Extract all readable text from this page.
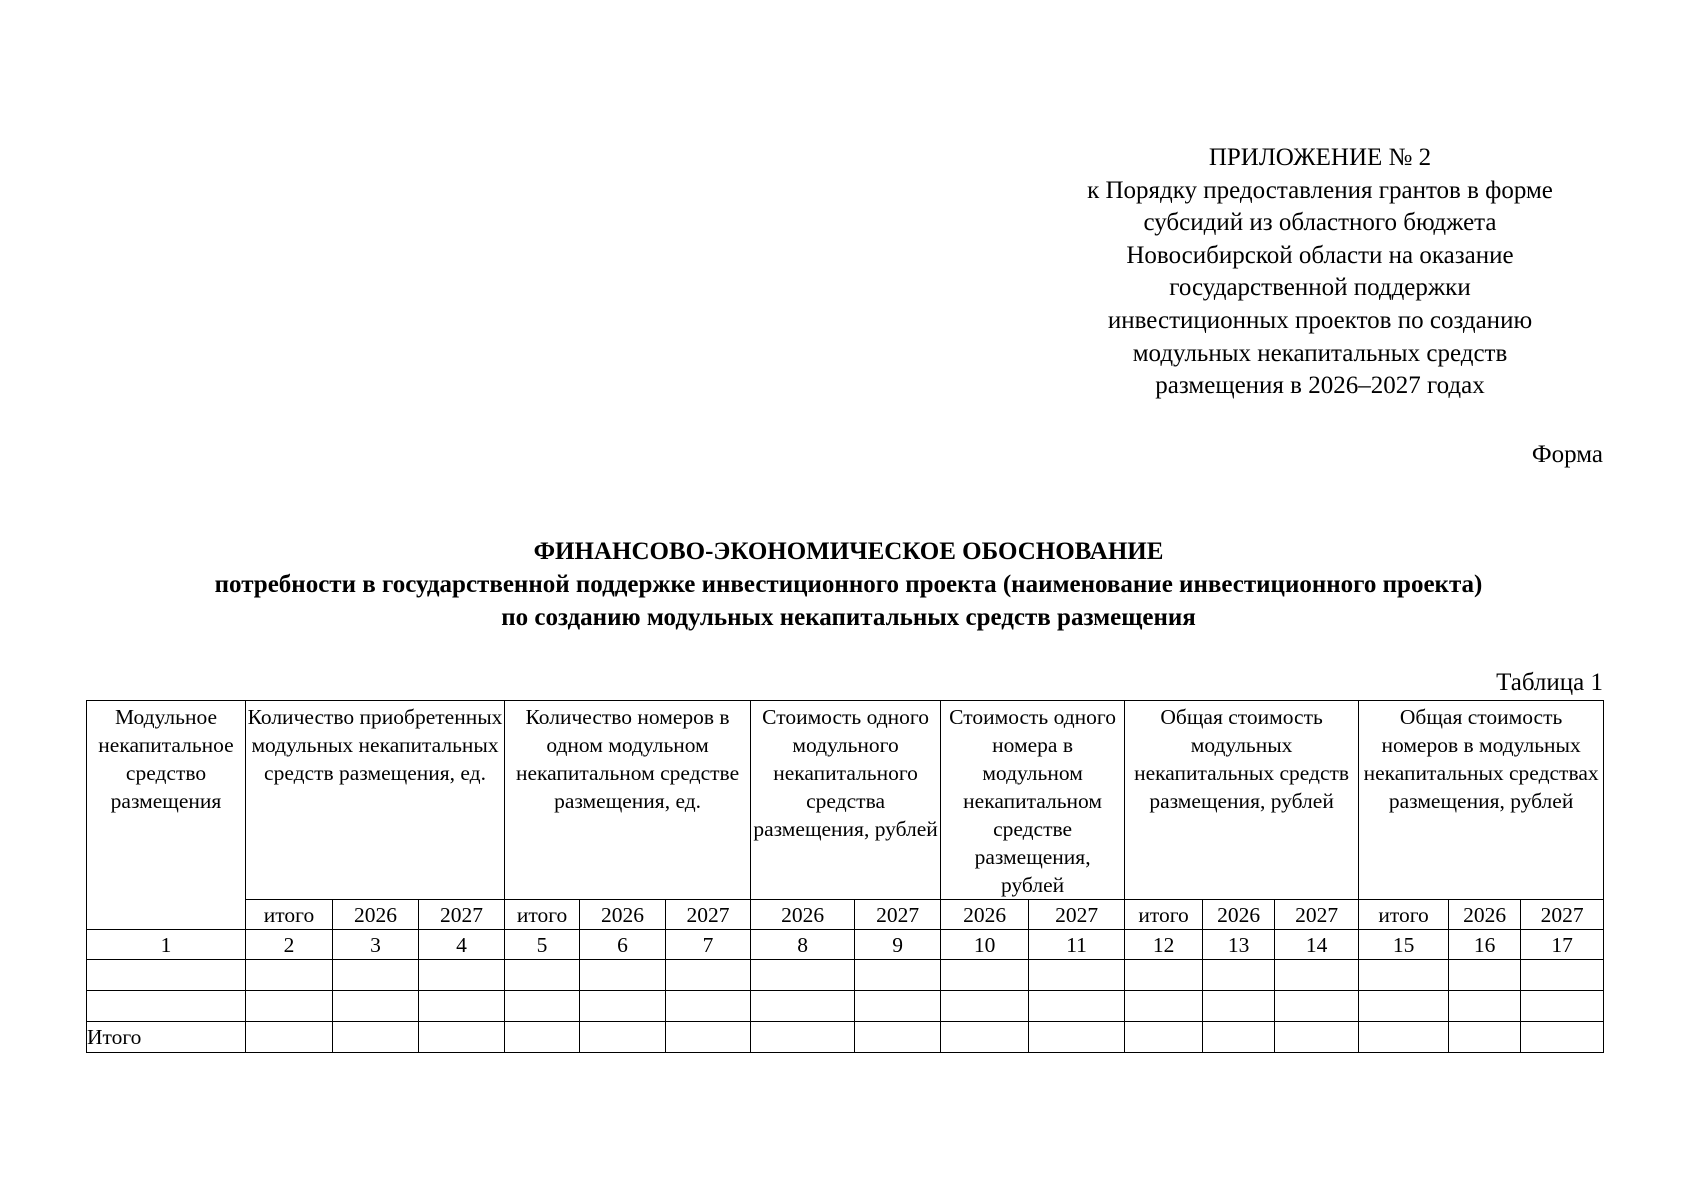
ПРИЛОЖЕНИЕ № 2
к Порядку предоставления грантов в форме
субсидий из областного бюджета
Новосибирской области на оказание
государственной поддержки
инвестиционных проектов по созданию
модульных некапитальных средств
размещения в 2026–2027 годах
Форма
ФИНАНСОВО-ЭКОНОМИЧЕСКОЕ ОБОСНОВАНИЕ
потребности в государственной поддержке инвестиционного проекта (наименование инвестиционного проекта)
по созданию модульных некапитальных средств размещения
Таблица 1
Модульное некапитальное средство размещения	Количество приобретенных модульных некапитальных средств размещения, ед.			Количество номеров в одном модульном некапитальном средстве размещения, ед.			Стоимость одного модульного некапитального средства размещения, рублей		Стоимость одного номера в модульном некапитальном средстве размещения, рублей		Общая стоимость модульных некапитальных средств размещения, рублей			Общая стоимость номеров в модульных некапитальных средствах размещения, рублей		
	итого	2026	2027	итого	2026	2027	2026	2027	2026	2027	итого	2026	2027	итого	2026	2027
1	2	3	4	5	6	7	8	9	10	11	12	13	14	15	16	17

Итого																
